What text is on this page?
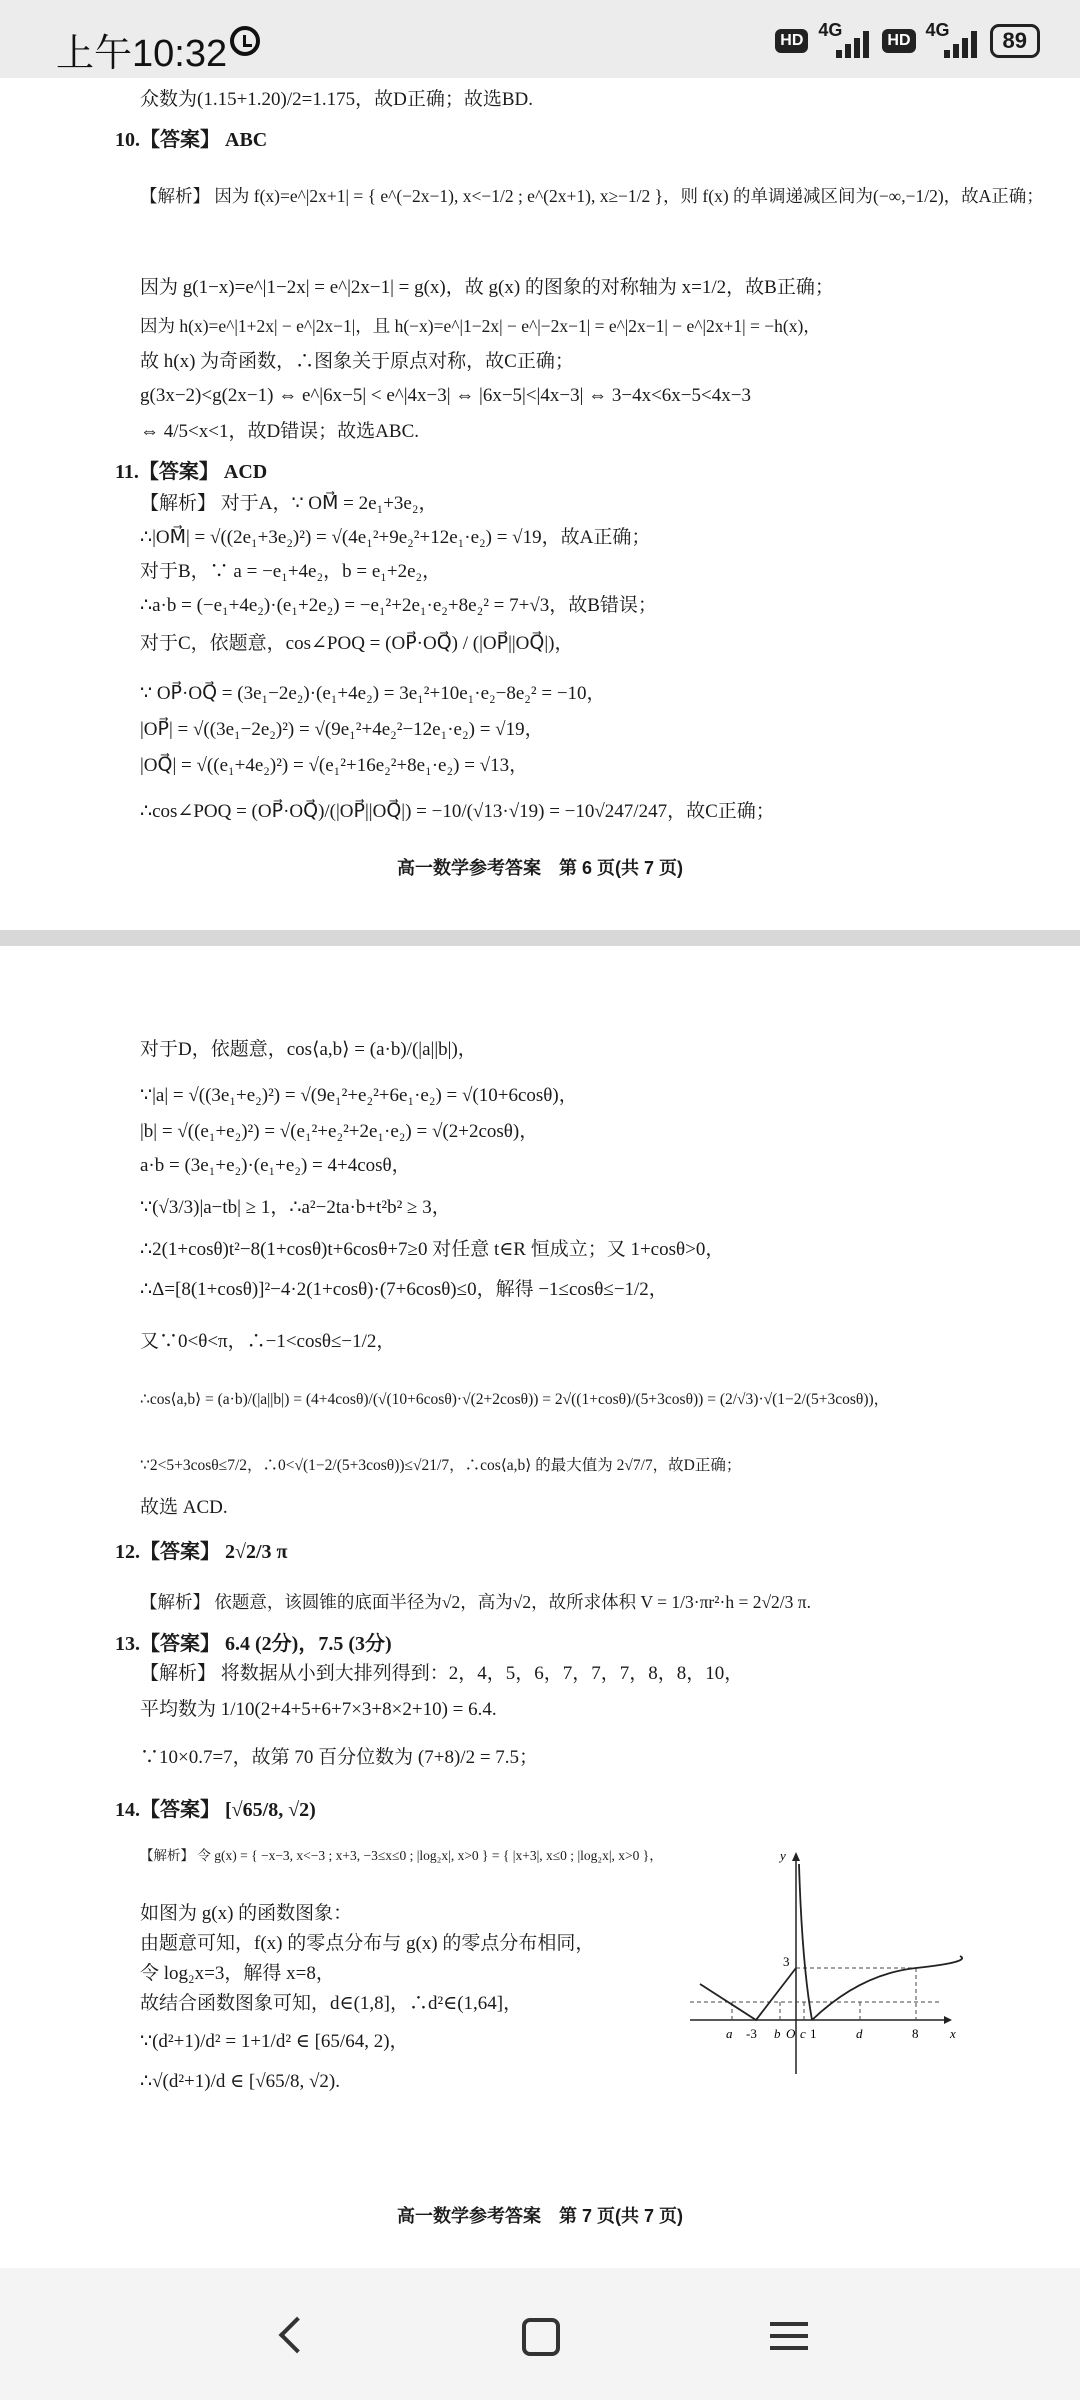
上午10:32	HD
4G
HD
4G	89
众数为(1.15+1.20)/2=1.175，故D正确；故选BD.
10.【答案】 ABC
【解析】 因为 f(x)=e^|2x+1| = { e^(−2x−1), x<−1/2 ; e^(2x+1), x≥−1/2 }，则 f(x) 的单调递减区间为(−∞,−1/2)，故A正确；
因为 g(1−x)=e^|1−2x| = e^|2x−1| = g(x)，故 g(x) 的图象的对称轴为 x=1/2，故B正确；
因为 h(x)=e^|1+2x| − e^|2x−1|，且 h(−x)=e^|1−2x| − e^|−2x−1| = e^|2x−1| − e^|2x+1| = −h(x)，
故 h(x) 为奇函数，∴图象关于原点对称，故C正确；
g(3x−2)<g(2x−1) ⇔ e^|6x−5| < e^|4x−3| ⇔ |6x−5|<|4x−3| ⇔ 3−4x<6x−5<4x−3
⇔ 4/5<x<1，故D错误；故选ABC.
11.【答案】 ACD
【解析】 对于A，∵ OM⃗ = 2e₁+3e₂，
∴|OM⃗| = √((2e₁+3e₂)²) = √(4e₁²+9e₂²+12e₁·e₂) = √19，故A正确；
对于B，∵ a = −e₁+4e₂，b = e₁+2e₂，
∴a·b = (−e₁+4e₂)·(e₁+2e₂) = −e₁²+2e₁·e₂+8e₂² = 7+√3，故B错误；
对于C，依题意，cos∠POQ = (OP⃗·OQ⃗) / (|OP⃗||OQ⃗|)，
∵ OP⃗·OQ⃗ = (3e₁−2e₂)·(e₁+4e₂) = 3e₁²+10e₁·e₂−8e₂² = −10，
|OP⃗| = √((3e₁−2e₂)²) = √(9e₁²+4e₂²−12e₁·e₂) = √19，
|OQ⃗| = √((e₁+4e₂)²) = √(e₁²+16e₂²+8e₁·e₂) = √13，
∴cos∠POQ = (OP⃗·OQ⃗)/(|OP⃗||OQ⃗|) = −10/(√13·√19) = −10√247/247，故C正确；
高一数学参考答案　第 6 页(共 7 页)
对于D，依题意，cos⟨a,b⟩ = (a·b)/(|a||b|)，
∵|a| = √((3e₁+e₂)²) = √(9e₁²+e₂²+6e₁·e₂) = √(10+6cosθ)，
|b| = √((e₁+e₂)²) = √(e₁²+e₂²+2e₁·e₂) = √(2+2cosθ)，
a·b = (3e₁+e₂)·(e₁+e₂) = 4+4cosθ，
∵(√3/3)|a−tb| ≥ 1，∴a²−2ta·b+t²b² ≥ 3，
∴2(1+cosθ)t²−8(1+cosθ)t+6cosθ+7≥0 对任意 t∈R 恒成立；又 1+cosθ>0，
∴Δ=[8(1+cosθ)]²−4·2(1+cosθ)·(7+6cosθ)≤0，解得 −1≤cosθ≤−1/2，
又∵0<θ<π，∴−1<cosθ≤−1/2，
∴cos⟨a,b⟩ = (a·b)/(|a||b|) = (4+4cosθ)/(√(10+6cosθ)·√(2+2cosθ)) = 2√((1+cosθ)/(5+3cosθ)) = (2/√3)·√(1−2/(5+3cosθ))，
∵2<5+3cosθ≤7/2，∴0<√(1−2/(5+3cosθ))≤√21/7，∴cos⟨a,b⟩ 的最大值为 2√7/7，故D正确；
故选 ACD.
12.【答案】 2√2/3 π
【解析】 依题意，该圆锥的底面半径为√2，高为√2，故所求体积 V = 1/3·πr²·h = 2√2/3 π.
13.【答案】 6.4 (2分)，7.5 (3分)
【解析】 将数据从小到大排列得到：2，4，5，6，7，7，7，8，8，10，
平均数为 1/10(2+4+5+6+7×3+8×2+10) = 6.4.
∵10×0.7=7，故第 70 百分位数为 (7+8)/2 = 7.5；
14.【答案】 [√65/8, √2)
【解析】 令 g(x) = { −x−3, x<−3 ; x+3, −3≤x≤0 ; |log₂x|, x>0 } = { |x+3|, x≤0 ; |log₂x|, x>0 }，
如图为 g(x) 的函数图象：
由题意可知，f(x) 的零点分布与 g(x) 的零点分布相同，
令 log₂x=3，解得 x=8，
故结合函数图象可知，d∈(1,8]，∴d²∈(1,64]，
∵(d²+1)/d² = 1+1/d² ∈ [65/64, 2)，
∴√(d²+1)/d ∈ [√65/8, √2).
y
x
3
a -3 b O c 1	d	8
高一数学参考答案　第 7 页(共 7 页)
